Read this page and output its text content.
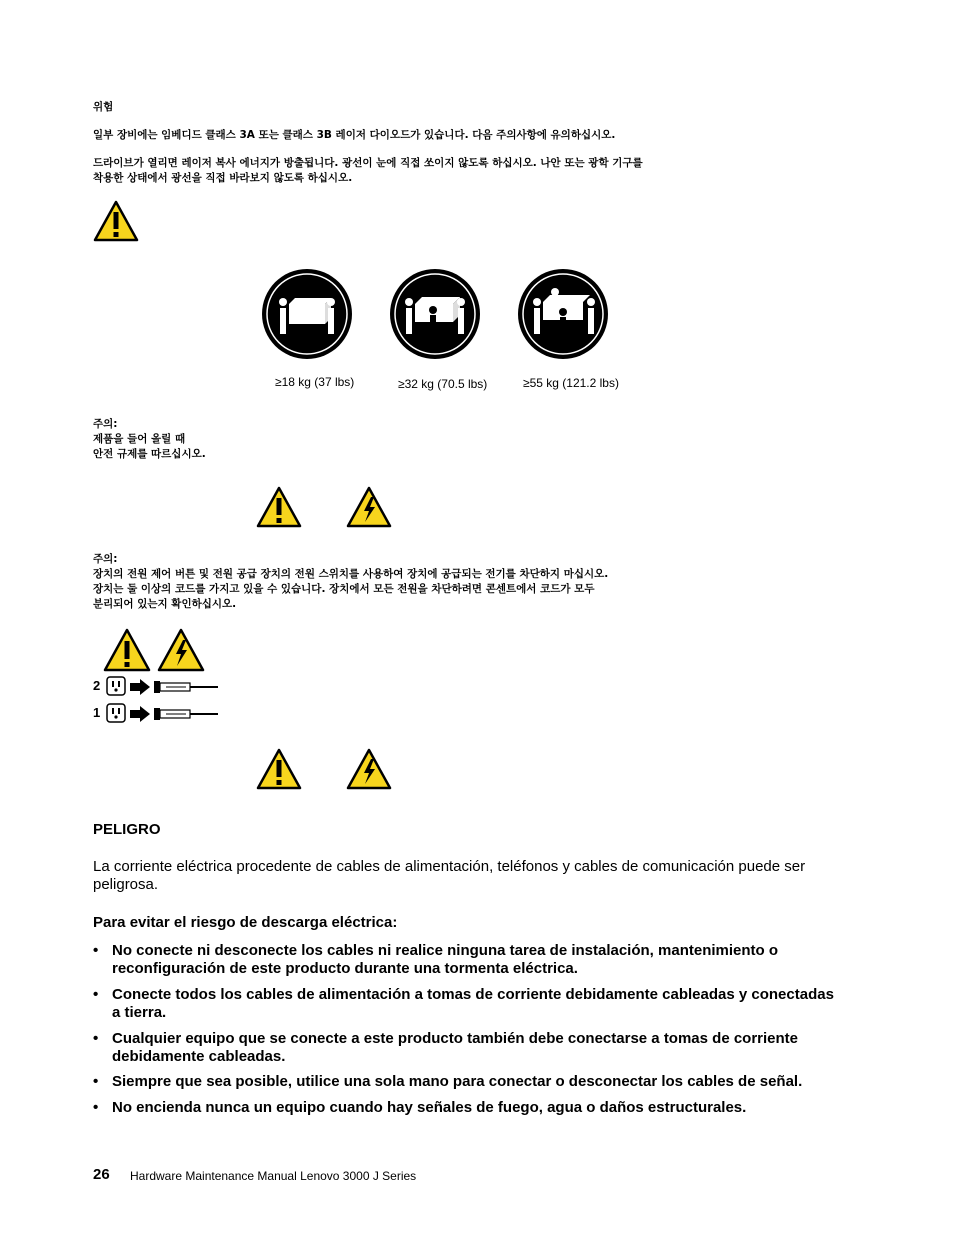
위험
일부 장비에는 임베디드 클래스 3A 또는 클래스 3B 레이저 다이오드가 있습니다. 다음 주의사항에 유의하십시오.
드라이브가 열리면 레이저 복사 에너지가 방출됩니다. 광선이 눈에 직접 쏘이지 않도록 하십시오. 나안 또는 광학 기구를
착용한 상태에서 광선을 직접 바라보지 않도록 하십시오.
≥18 kg (37 lbs)	≥32 kg (70.5 lbs)	≥55 kg (121.2 lbs)
주의:
제품을 들어 올릴 때
안전 규제를 따르십시오.
주의:
장치의 전원 제어 버튼 및 전원 공급 장치의 전원 스위치를 사용하여 장치에 공급되는 전기를 차단하지 마십시오.
장치는 둘 이상의 코드를 가지고 있을 수 있습니다. 장치에서 모든 전원을 차단하려면 콘센트에서 코드가 모두
분리되어 있는지 확인하십시오.
2
1
PELIGRO
La corriente eléctrica procedente de cables de alimentación, teléfonos y cables de comunicación puede ser peligrosa.
Para evitar el riesgo de descarga eléctrica:
• No conecte ni desconecte los cables ni realice ninguna tarea de instalación, mantenimiento o reconfiguración de este producto durante una tormenta eléctrica.
• Conecte todos los cables de alimentación a tomas de corriente debidamente cableadas y conectadas a tierra.
• Cualquier equipo que se conecte a este producto también debe conectarse a tomas de corriente debidamente cableadas.
• Siempre que sea posible, utilice una sola mano para conectar o desconectar los cables de señal.
• No encienda nunca un equipo cuando hay señales de fuego, agua o daños estructurales.
26 Hardware Maintenance Manual Lenovo 3000 J Series
